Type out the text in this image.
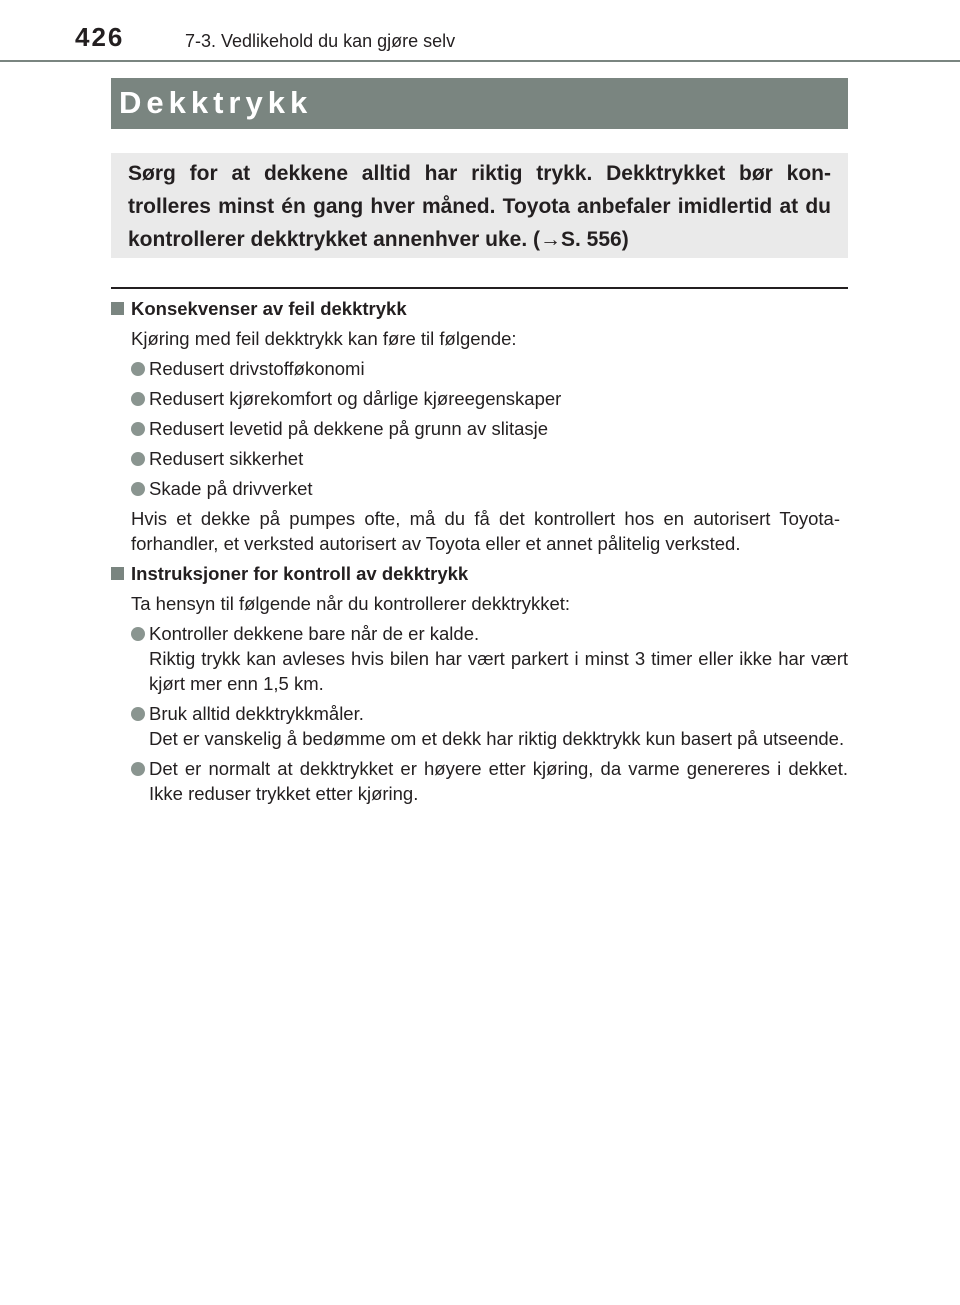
426	7-3. Vedlikehold du kan gjøre selv
Dekktrykk
Sørg for at dekkene alltid har riktig trykk. Dekktrykket bør kon-trolleres minst én gang hver måned. Toyota anbefaler imidlertid at du kontrollerer dekktrykket annenhver uke. (→S. 556)
Konsekvenser av feil dekktrykk

Kjøring med feil dekktrykk kan føre til følgende:

Redusert drivstofføkonomi
Redusert kjørekomfort og dårlige kjøreegenskaper
Redusert levetid på dekkene på grunn av slitasje
Redusert sikkerhet
Skade på drivverket

Hvis et dekke på pumpes ofte, må du få det kontrollert hos en autorisert Toyota-forhandler, et verksted autorisert av Toyota eller et annet pålitelig verksted.

Instruksjoner for kontroll av dekktrykk

Ta hensyn til følgende når du kontrollerer dekktrykket:

Kontroller dekkene bare når de er kalde.
Riktig trykk kan avleses hvis bilen har vært parkert i minst 3 timer eller ikke har vært kjørt mer enn 1,5 km.
Bruk alltid dekktrykkmåler.
Det er vanskelig å bedømme om et dekk har riktig dekktrykk kun basert på utseende.
Det er normalt at dekktrykket er høyere etter kjøring, da varme genereres i dekket. Ikke reduser trykket etter kjøring.
